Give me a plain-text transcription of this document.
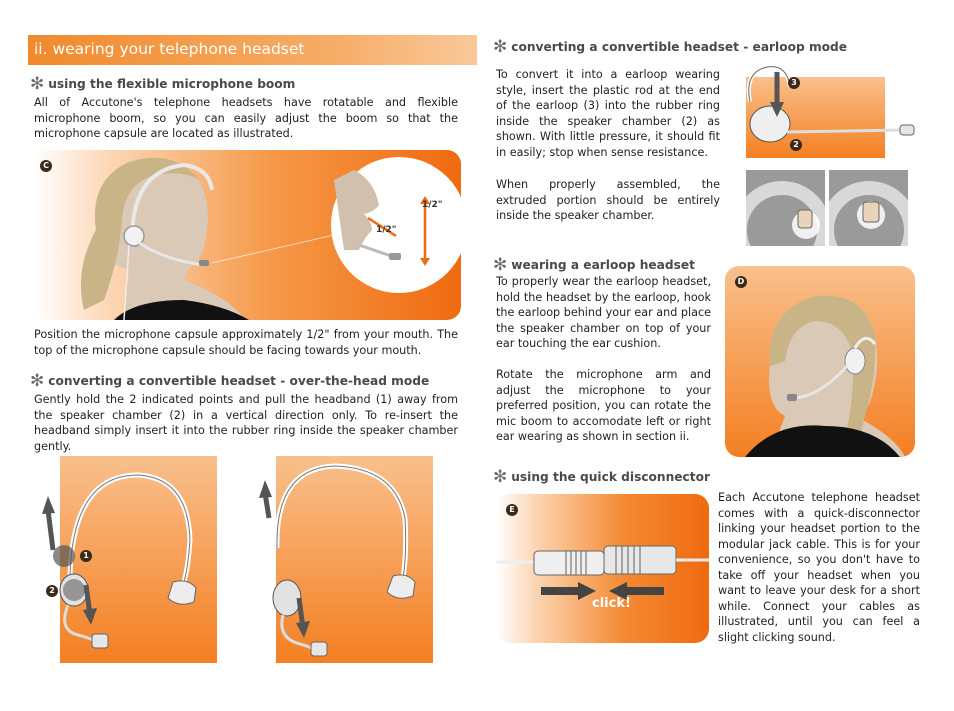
ii. wearing your telephone headset
✻ using the flexible microphone boom
All of Accutone's telephone headsets have rotatable and flexible microphone boom, so you can easily adjust the boom so that the microphone capsule are located as illustrated.
C
1/2"
1/2"
Position the microphone capsule approximately 1/2" from your mouth. The top of the microphone capsule should be facing towards your mouth.
✻ converting a convertible headset - over-the-head mode
Gently hold the 2 indicated points and pull the headband (1) away from the speaker chamber (2) in a vertical direction only. To re-insert the headband simply insert it into the rubber ring inside the speaker chamber gently.
1
2
✻ converting a convertible headset - earloop mode
To convert it into a earloop wearing style, insert the plastic rod at the end of the earloop (3) into the rubber ring inside the speaker chamber (2) as shown. With little pressure, it should fit in easily; stop when sense resistance.
When properly assembled, the extruded portion should be entirely inside the speaker chamber.
3
2
✻ wearing a earloop headset
To properly wear the earloop headset, hold the headset by the earloop, hook the earloop behind your ear and place the speaker chamber on top of your ear touching the ear cushion.
Rotate the microphone arm and adjust the microphone to your preferred position, you can rotate the mic boom to accomodate left or right ear wearing as shown in section ii.
D
✻ using the quick disconnector
E
click!
Each Accutone telephone headset comes with a quick-disconnector linking your headset portion to the modular jack cable. This is for your convenience, so you don't have to take off your headset when you want to leave your desk for a short while. Connect your cables as illustrated, until you can feel a slight clicking sound.
